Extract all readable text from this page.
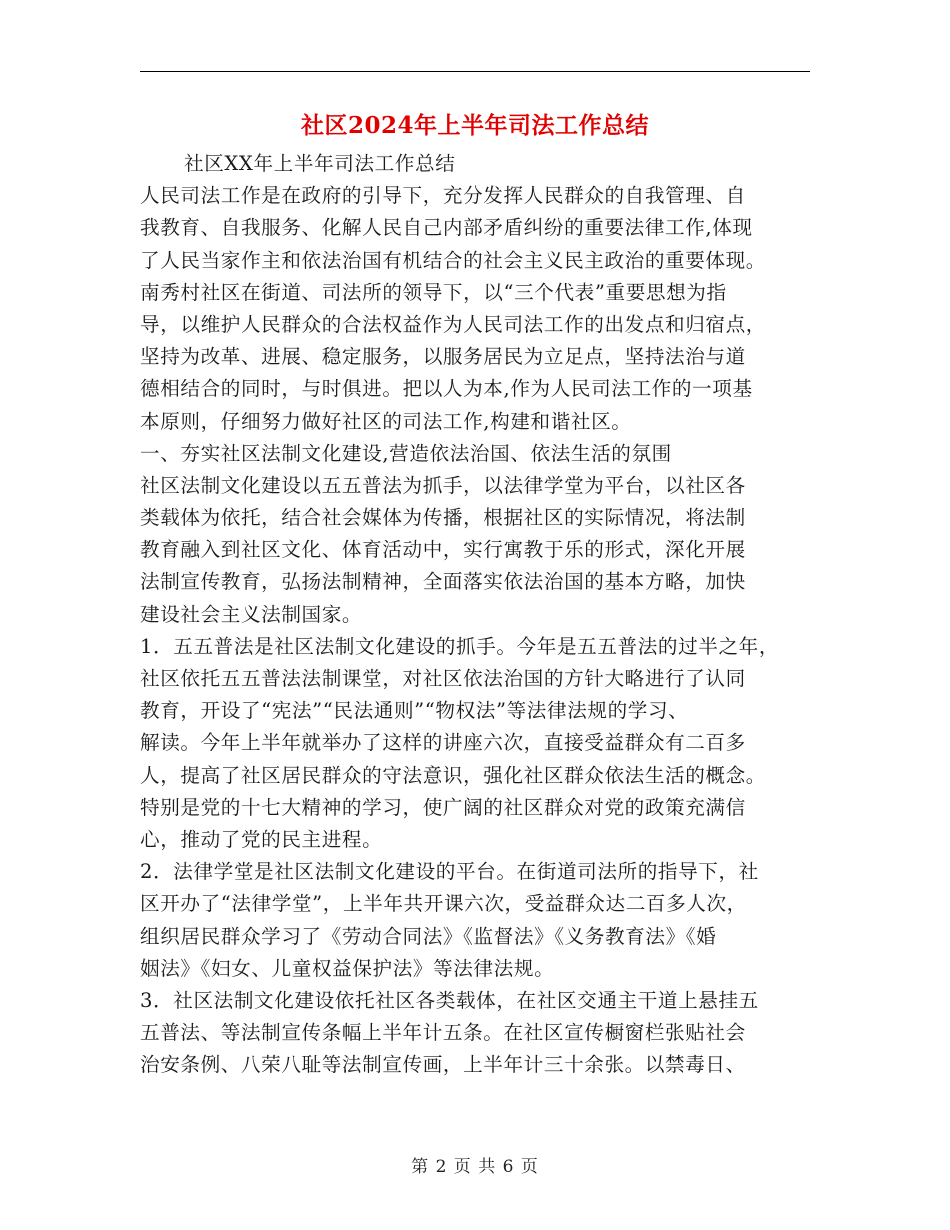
社区2024年上半年司法工作总结

社区XX年上半年司法工作总结

人民司法工作是在政府的引导下，充分发挥人民群众的自我管理、自

我教育、自我服务、化解人民自己内部矛盾纠纷的重要法律工作,体现

了人民当家作主和依法治国有机结合的社会主义民主政治的重要体现。

南秀村社区在街道、司法所的领导下，以“三个代表”重要思想为指

导，以维护人民群众的合法权益作为人民司法工作的出发点和归宿点，

坚持为改革、进展、稳定服务，以服务居民为立足点，坚持法治与道

德相结合的同时，与时俱进。把以人为本,作为人民司法工作的一项基

本原则，仔细努力做好社区的司法工作,构建和谐社区。

一、夯实社区法制文化建设,营造依法治国、依法生活的氛围

社区法制文化建设以五五普法为抓手，以法律学堂为平台，以社区各

类载体为依托，结合社会媒体为传播，根据社区的实际情况，将法制

教育融入到社区文化、体育活动中，实行寓教于乐的形式，深化开展

法制宣传教育，弘扬法制精神，全面落实依法治国的基本方略，加快

建设社会主义法制国家。

1．五五普法是社区法制文化建设的抓手。今年是五五普法的过半之年，

社区依托五五普法法制课堂，对社区依法治国的方针大略进行了认同

教育，开设了“宪法”“民法通则”“物权法”等法律法规的学习、

解读。今年上半年就举办了这样的讲座六次，直接受益群众有二百多

人，提高了社区居民群众的守法意识，强化社区群众依法生活的概念。

特别是党的十七大精神的学习，使广阔的社区群众对党的政策充满信

心，推动了党的民主进程。

2．法律学堂是社区法制文化建设的平台。在街道司法所的指导下，社

区开办了“法律学堂”，上半年共开课六次，受益群众达二百多人次，

组织居民群众学习了《劳动合同法》《监督法》《义务教育法》《婚

姻法》《妇女、儿童权益保护法》等法律法规。

3．社区法制文化建设依托社区各类载体，在社区交通主干道上悬挂五

五普法、等法制宣传条幅上半年计五条。在社区宣传橱窗栏张贴社会

治安条例、八荣八耻等法制宣传画，上半年计三十余张。以禁毒日、

第 2 页 共 6 页
